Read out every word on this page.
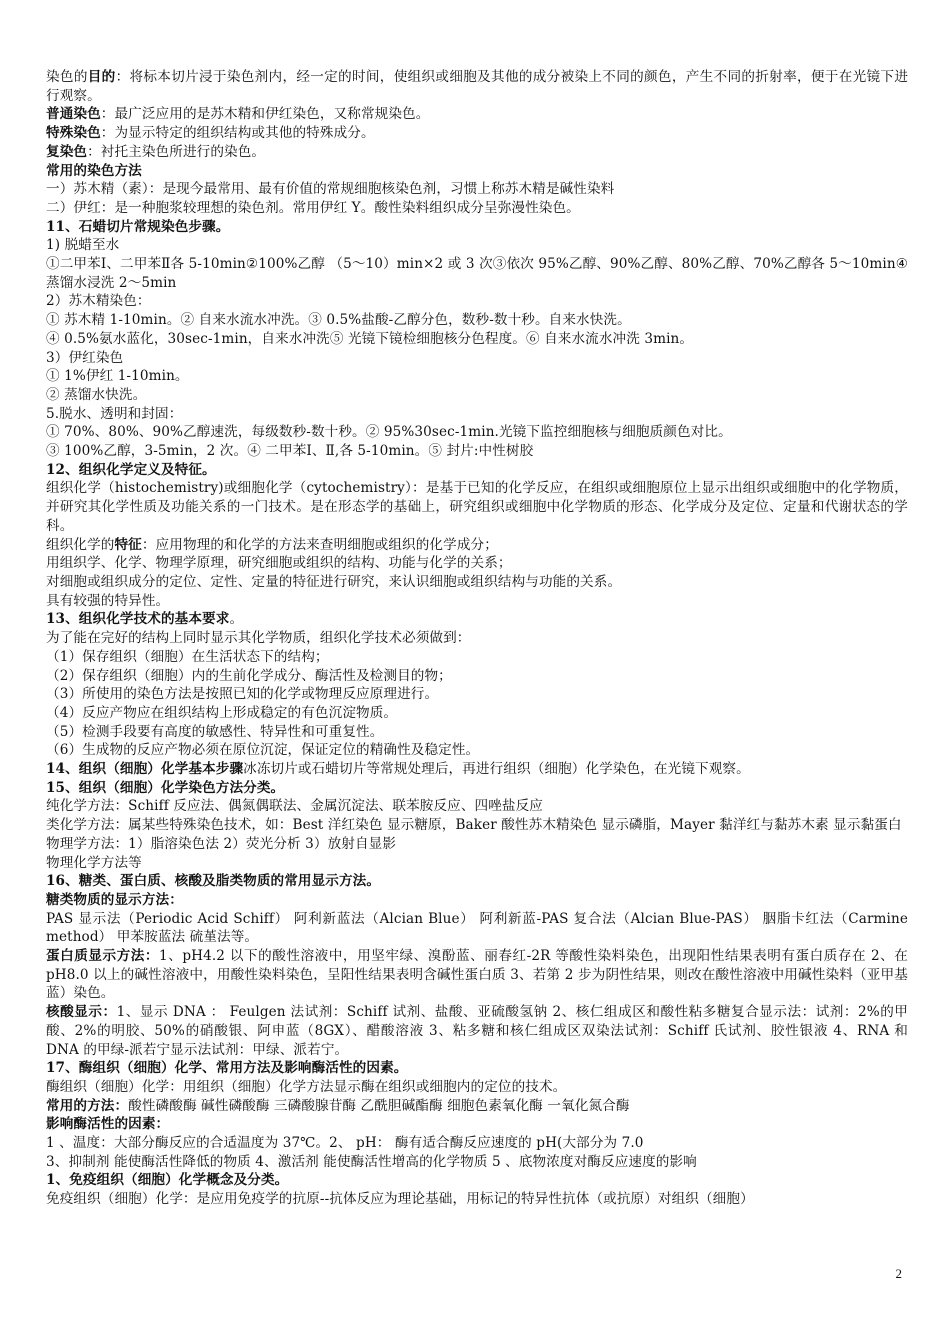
染色的目的：将标本切片浸于染色剂内，经一定的时间，使组织或细胞及其他的成分被染上不同的颜色，产生不同的折射率，便于在光镜下进行观察。
普通染色：最广泛应用的是苏木精和伊红染色，又称常规染色。
特殊染色：为显示特定的组织结构或其他的特殊成分。
复染色：衬托主染色所进行的染色。
常用的染色方法
一）苏木精（素）：是现今最常用、最有价值的常规细胞核染色剂，习惯上称苏木精是碱性染料
二）伊红：是一种胞浆较理想的染色剂。常用伊红 Y。酸性染料组织成分呈弥漫性染色。
11、石蜡切片常规染色步骤。
1) 脱蜡至水
①二甲苯Ⅰ、二甲苯Ⅱ各 5-10min②100%乙醇 （5～10）min×2 或 3 次③依次 95%乙醇、90%乙醇、80%乙醇、70%乙醇各 5～10min④蒸馏水浸洗 2～5min
2）苏木精染色：
① 苏木精 1-10min。② 自来水流水冲洗。③ 0.5%盐酸-乙醇分色，数秒-数十秒。自来水快洗。
④ 0.5%氨水蓝化，30sec-1min，自来水冲洗⑤ 光镜下镜检细胞核分色程度。⑥ 自来水流水冲洗 3min。
3）伊红染色
① 1%伊红 1-10min。
② 蒸馏水快洗。
5.脱水、透明和封固：
① 70%、80%、90%乙醇速洗，每级数秒-数十秒。② 95%30sec-1min.光镜下监控细胞核与细胞质颜色对比。
③ 100%乙醇，3-5min，2 次。④ 二甲苯Ⅰ、Ⅱ,各 5-10min。⑤ 封片:中性树胶
12、组织化学定义及特征。
组织化学（histochemistry)或细胞化学（cytochemistry）：是基于已知的化学反应，在组织或细胞原位上显示出组织或细胞中的化学物质，并研究其化学性质及功能关系的一门技术。是在形态学的基础上，研究组织或细胞中化学物质的形态、化学成分及定位、定量和代谢状态的学科。
组织化学的特征：应用物理的和化学的方法来查明细胞或组织的化学成分；
用组织学、化学、物理学原理，研究细胞或组织的结构、功能与化学的关系；
对细胞或组织成分的定位、定性、定量的特征进行研究，来认识细胞或组织结构与功能的关系。
具有较强的特异性。
13、组织化学技术的基本要求。
为了能在完好的结构上同时显示其化学物质，组织化学技术必须做到：
（1）保存组织（细胞）在生活状态下的结构；
（2）保存组织（细胞）内的生前化学成分、酶活性及检测目的物；
（3）所使用的染色方法是按照已知的化学或物理反应原理进行。
（4）反应产物应在组织结构上形成稳定的有色沉淀物质。
（5）检测手段要有高度的敏感性、特异性和可重复性。
（6）生成物的反应产物必须在原位沉淀，保证定位的精确性及稳定性。
14、组织（细胞）化学基本步骤冰冻切片或石蜡切片等常规处理后，再进行组织（细胞）化学染色，在光镜下观察。
15、组织（细胞）化学染色方法分类。
纯化学方法：Schiff 反应法、偶氮偶联法、金属沉淀法、联苯胺反应、四唑盐反应
类化学方法：属某些特殊染色技术，如：Best 洋红染色 显示糖原，Baker 酸性苏木精染色 显示磷脂，Mayer 黏洋红与黏苏木素 显示黏蛋白
物理学方法：1）脂溶染色法 2）荧光分析 3）放射自显影
物理化学方法等
16、糖类、蛋白质、核酸及脂类物质的常用显示方法。
糖类物质的显示方法：
PAS 显示法（Periodic Acid Schiff） 阿利新蓝法（Alcian Blue） 阿利新蓝-PAS 复合法（Alcian Blue-PAS） 胭脂卡红法（Carmine method） 甲苯胺蓝法 硫堇法等。
蛋白质显示方法：1、pH4.2 以下的酸性溶液中，用坚牢绿、溴酚蓝、丽春红-2R 等酸性染料染色，出现阳性结果表明有蛋白质存在 2、在 pH8.0 以上的碱性溶液中，用酸性染料染色，呈阳性结果表明含碱性蛋白质 3、若第 2 步为阴性结果，则改在酸性溶液中用碱性染料（亚甲基蓝）染色。
核酸显示：1、显示 DNA ： Feulgen 法试剂：Schiff 试剂、盐酸、亚硫酸氢钠 2、核仁组成区和酸性粘多糖复合显示法：试剂：2%的甲酸、2%的明胶、50%的硝酸银、阿申蓝（8GX）、醋酸溶液 3、粘多糖和核仁组成区双染法试剂：Schiff 氏试剂、胶性银液 4、RNA 和 DNA 的甲绿-派若宁显示法试剂：甲绿、派若宁。
17、酶组织（细胞）化学、常用方法及影响酶活性的因素。
酶组织（细胞）化学：用组织（细胞）化学方法显示酶在组织或细胞内的定位的技术。
常用的方法：酸性磷酸酶 碱性磷酸酶 三磷酸腺苷酶 乙酰胆碱酯酶 细胞色素氧化酶 一氧化氮合酶
影响酶活性的因素：
1 、温度：大部分酶反应的合适温度为 37℃。2、 pH： 酶有适合酶反应速度的 pH(大部分为 7.0
3、抑制剂 能使酶活性降低的物质 4、激活剂 能使酶活性增高的化学物质 5 、底物浓度对酶反应速度的影响
1、免疫组织（细胞）化学概念及分类。
免疫组织（细胞）化学：是应用免疫学的抗原--抗体反应为理论基础，用标记的特异性抗体（或抗原）对组织（细胞）
2
